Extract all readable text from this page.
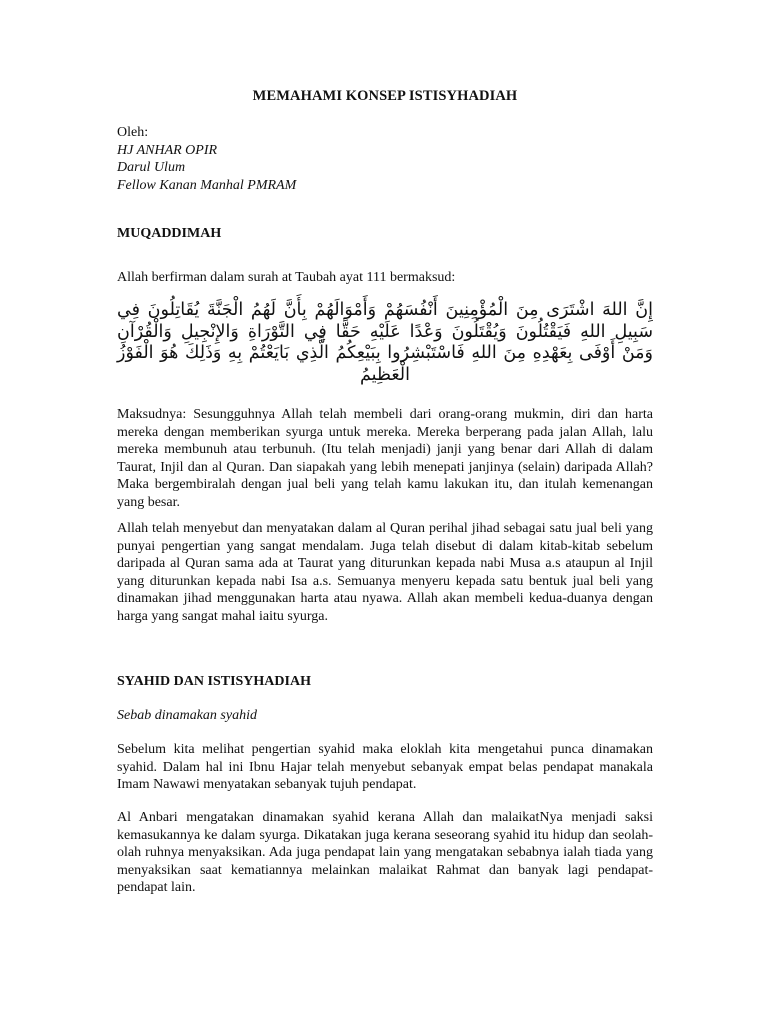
MEMAHAMI KONSEP ISTISYHADIAH
Oleh:
HJ ANHAR OPIR
Darul Ulum
Fellow Kanan Manhal PMRAM
MUQADDIMAH
Allah berfirman dalam surah at Taubah ayat 111 bermaksud:
إِنَّ اللهَ اشْتَرَى مِنَ الْمُؤْمِنِينَ أَنْفُسَهُمْ وَأَمْوَالَهُمْ بِأَنَّ لَهُمُ الْجَنَّةَ يُقَاتِلُونَ فِي سَبِيلِ اللهِ فَيَقْتُلُونَ وَيُقْتَلُونَ وَعْدًا عَلَيْهِ حَقًّا فِي التَّوْرَاةِ وَالإِنْجِيلِ وَالْقُرْآنِ وَمَنْ أَوْفَى بِعَهْدِهِ مِنَ اللهِ فَاسْتَبْشِرُوا بِبَيْعِكُمُ الَّذِي بَايَعْتُمْ بِهِ وَذَلِكَ هُوَ الْفَوْزُ الْعَظِيمُ
Maksudnya: Sesungguhnya Allah telah membeli dari orang-orang mukmin, diri dan harta mereka dengan memberikan syurga untuk mereka. Mereka berperang pada jalan Allah, lalu mereka membunuh atau terbunuh. (Itu telah menjadi) janji yang benar dari Allah di dalam Taurat, Injil dan al Quran. Dan siapakah yang lebih menepati janjinya (selain) daripada Allah? Maka bergembiralah dengan jual beli yang telah kamu lakukan itu, dan itulah kemenangan yang besar.
Allah telah menyebut dan menyatakan dalam al Quran perihal jihad sebagai satu jual beli yang punyai pengertian yang sangat mendalam. Juga telah disebut di dalam kitab-kitab sebelum daripada al Quran sama ada at Taurat yang diturunkan kepada nabi Musa a.s ataupun al Injil yang diturunkan kepada nabi Isa a.s. Semuanya menyeru kepada satu bentuk jual beli yang dinamakan jihad menggunakan harta atau nyawa. Allah akan membeli kedua-duanya dengan harga yang sangat mahal iaitu syurga.
SYAHID DAN ISTISYHADIAH
Sebab dinamakan syahid
Sebelum kita melihat pengertian syahid maka eloklah kita mengetahui punca dinamakan syahid. Dalam hal ini Ibnu Hajar telah menyebut sebanyak empat belas pendapat manakala Imam Nawawi menyatakan sebanyak tujuh pendapat.
Al Anbari mengatakan dinamakan syahid kerana Allah dan malaikatNya menjadi saksi kemasukannya ke dalam syurga. Dikatakan juga kerana seseorang syahid itu hidup dan seolah-olah ruhnya menyaksikan. Ada juga pendapat lain yang mengatakan sebabnya ialah tiada yang menyaksikan saat kematiannya melainkan malaikat Rahmat dan banyak lagi pendapat-pendapat lain.
